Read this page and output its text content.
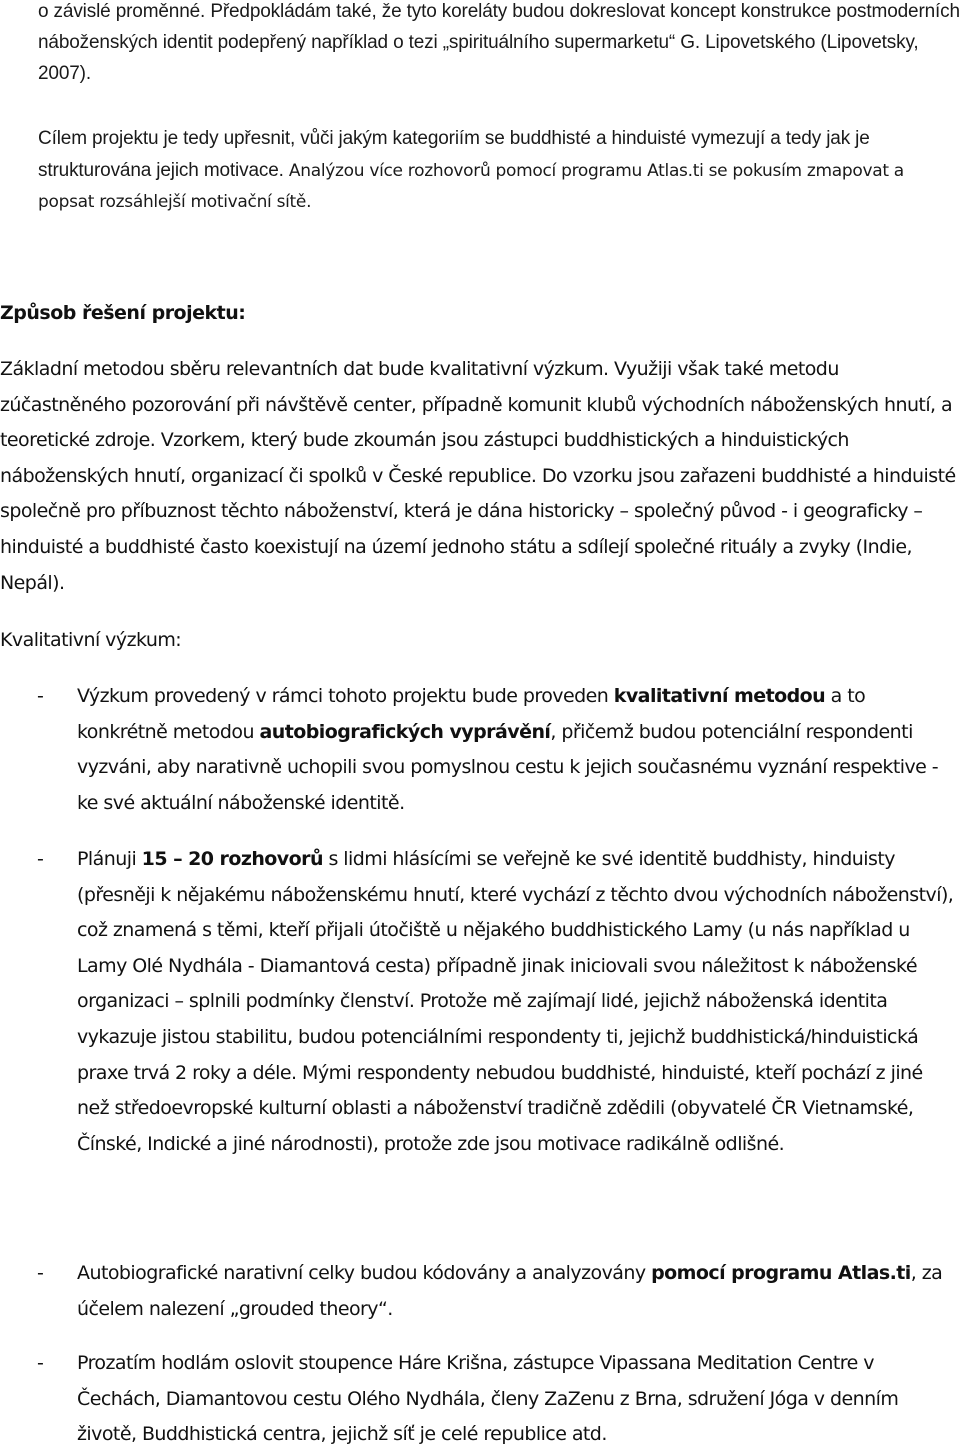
o závislé proměnné. Předpokládám také, že tyto koreláty budou dokreslovat koncept konstrukce postmoderních náboženských identit podepřený například o tezi „spirituálního supermarketu“ G. Lipovetského (Lipovetsky, 2007).

Cílem projektu je tedy upřesnit, vůči jakým kategoriím se buddhisté a hinduisté vymezují a tedy jak je strukturována jejich motivace. Analýzou více rozhovorů pomocí programu Atlas.ti se pokusím zmapovat a popsat rozsáhlejší motivační sítě.

Způsob řešení projektu:

Základní metodou sběru relevantních dat bude kvalitativní výzkum. Využiji však také metodu zúčastněného pozorování při návštěvě center, případně komunit klubů východních náboženských hnutí, a teoretické zdroje. Vzorkem, který bude zkoumán jsou zástupci buddhistických a hinduistických náboženských hnutí, organizací či spolků v České republice. Do vzorku jsou zařazeni buddhisté a hinduisté společně pro příbuznost těchto náboženství, která je dána historicky – společný původ - i geograficky – hinduisté a buddhisté často koexistují na území jednoho státu a sdílejí společné rituály a zvyky (Indie, Nepál).

Kvalitativní výzkum:

- Výzkum provedený v rámci tohoto projektu bude proveden kvalitativní metodou a to konkrétně metodou autobiografických vyprávění, přičemž budou potenciální respondenti vyzváni, aby narativně uchopili svou pomyslnou cestu k jejich současnému vyznání respektive - ke své aktuální náboženské identitě.
- Plánuji 15 – 20 rozhovorů s lidmi hlásícími se veřejně ke své identitě buddhisty, hinduisty (přesněji k nějakému náboženskému hnutí, které vychází z těchto dvou východních náboženství), což znamená s těmi, kteří přijali útočiště u nějakého buddhistického Lamy (u nás například u Lamy Olé Nydhála - Diamantová cesta) případně jinak iniciovali svou náležitost k náboženské organizaci – splnili podmínky členství. Protože mě zajímají lidé, jejichž náboženská identita vykazuje jistou stabilitu, budou potenciálními respondenty ti, jejichž buddhistická/hinduistická praxe trvá 2 roky a déle. Mými respondenty nebudou buddhisté, hinduisté, kteří pochází z jiné než středoevropské kulturní oblasti a náboženství tradičně zdědili (obyvatelé ČR Vietnamské, Čínské, Indické a jiné národnosti), protože zde jsou motivace radikálně odlišné.
- Autobiografické narativní celky budou kódovány a analyzovány pomocí programu Atlas.ti, za účelem nalezení „grouded theory“.
- Prozatím hodlám oslovit stoupence Háre Krišna, zástupce Vipassana Meditation Centre v Čechách, Diamantovou cestu Olého Nydhála, členy ZaZenu z Brna, sdružení Jóga v denním životě, Buddhistická centra, jejichž síť je celé republice atd.
